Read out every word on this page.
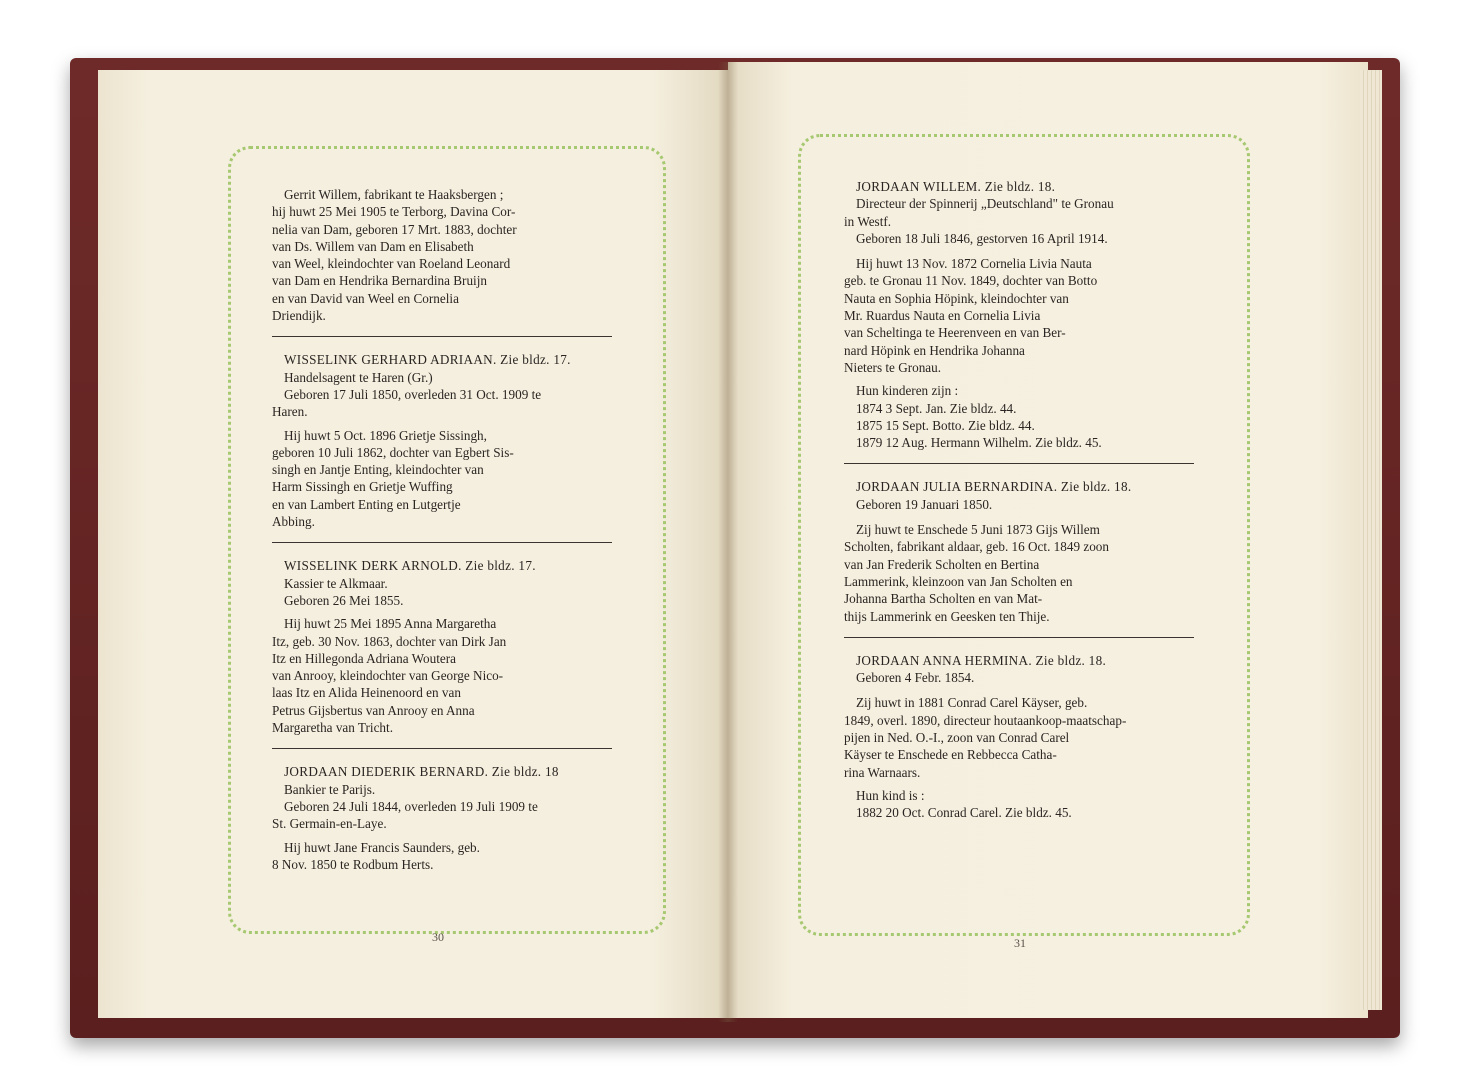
Gerrit Willem, fabrikant te Haaksbergen ;
hij huwt 25 Mei 1905 te Terborg, Davina Cor-
nelia van Dam, geboren 17 Mrt. 1883, dochter
van Ds. Willem van Dam en Elisabeth
van Weel, kleindochter van Roeland Leonard
van Dam en Hendrika Bernardina Bruijn
en van David van Weel en Cornelia
Driendijk.
WISSELINK GERHARD ADRIAAN. Zie bldz. 17.
Handelsagent te Haren (Gr.)
Geboren 17 Juli 1850, overleden 31 Oct. 1909 te
Haren.
Hij huwt 5 Oct. 1896 Grietje Sissingh,
geboren 10 Juli 1862, dochter van Egbert Sis-
singh en Jantje Enting, kleindochter van
Harm Sissingh en Grietje Wuffing
en van Lambert Enting en Lutgertje
Abbing.
WISSELINK DERK ARNOLD. Zie bldz. 17.
Kassier te Alkmaar.
Geboren 26 Mei 1855.
Hij huwt 25 Mei 1895 Anna Margaretha
Itz, geb. 30 Nov. 1863, dochter van Dirk Jan
Itz en Hillegonda Adriana Woutera
van Anrooy, kleindochter van George Nico-
laas Itz en Alida Heinenoord en van
Petrus Gijsbertus van Anrooy en Anna
Margaretha van Tricht.
JORDAAN DIEDERIK BERNARD. Zie bldz. 18
Bankier te Parijs.
Geboren 24 Juli 1844, overleden 19 Juli 1909 te
St. Germain-en-Laye.
Hij huwt Jane Francis Saunders, geb.
8 Nov. 1850 te Rodbum Herts.
30
JORDAAN WILLEM. Zie bldz. 18.
Directeur der Spinnerij „Deutschland" te Gronau
in Westf.
Geboren 18 Juli 1846, gestorven 16 April 1914.
Hij huwt 13 Nov. 1872 Cornelia Livia Nauta
geb. te Gronau 11 Nov. 1849, dochter van Botto
Nauta en Sophia Höpink, kleindochter van
Mr. Ruardus Nauta en Cornelia Livia
van Scheltinga te Heerenveen en van Ber-
nard Höpink en Hendrika Johanna
Nieters te Gronau.
Hun kinderen zijn :
1874 3 Sept. Jan. Zie bldz. 44.
1875 15 Sept. Botto. Zie bldz. 44.
1879 12 Aug. Hermann Wilhelm. Zie bldz. 45.
JORDAAN JULIA BERNARDINA. Zie bldz. 18.
Geboren 19 Januari 1850.
Zij huwt te Enschede 5 Juni 1873 Gijs Willem
Scholten, fabrikant aldaar, geb. 16 Oct. 1849 zoon
van Jan Frederik Scholten en Bertina
Lammerink, kleinzoon van Jan Scholten en
Johanna Bartha Scholten en van Mat-
thijs Lammerink en Geesken ten Thije.
JORDAAN ANNA HERMINA. Zie bldz. 18.
Geboren 4 Febr. 1854.
Zij huwt in 1881 Conrad Carel Käyser, geb.
1849, overl. 1890, directeur houtaankoop-maatschap-
pijen in Ned. O.-I., zoon van Conrad Carel
Käyser te Enschede en Rebbecca Catha-
rina Warnaars.
Hun kind is :
1882 20 Oct. Conrad Carel. Zie bldz. 45.
31
